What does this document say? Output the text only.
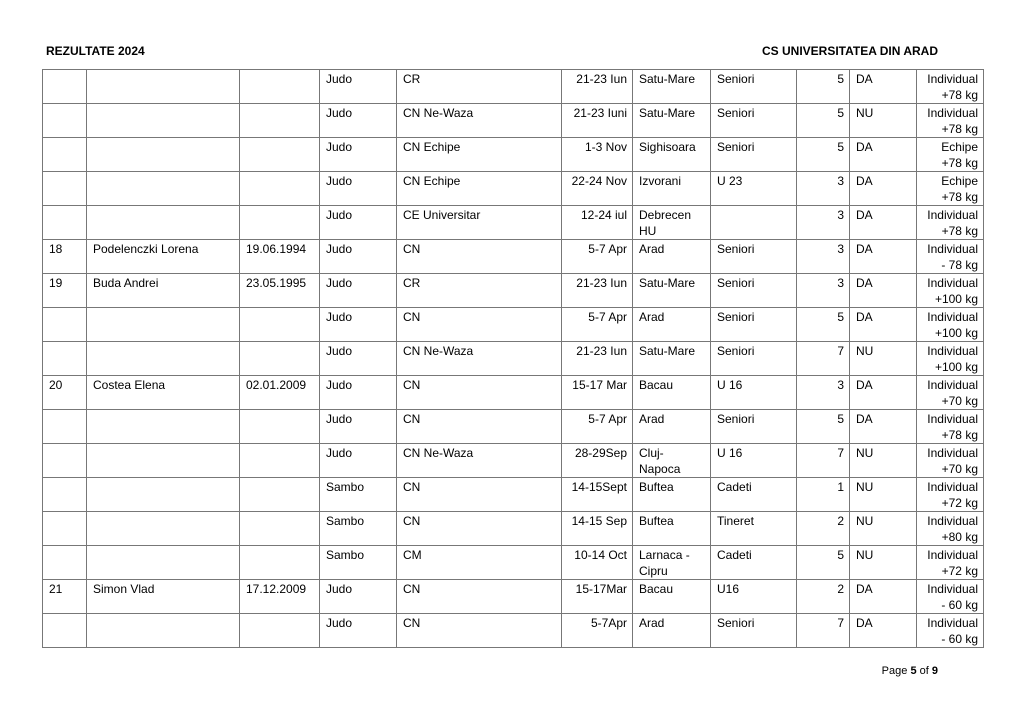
REZULTATE 2024	CS UNIVERSITATEA DIN ARAD
			Judo	CR	21-23 Iun	Satu-Mare	Seniori	5	DA	Individual +78 kg
			Judo	CN Ne-Waza	21-23 Iuni	Satu-Mare	Seniori	5	NU	Individual +78 kg
			Judo	CN Echipe	1-3 Nov	Sighisoara	Seniori	5	DA	Echipe +78 kg
			Judo	CN Echipe	22-24 Nov	Izvorani	U 23	3	DA	Echipe +78 kg
			Judo	CE Universitar	12-24 iul	Debrecen HU		3	DA	Individual +78 kg
18	Podelenczki Lorena	19.06.1994	Judo	CN	5-7 Apr	Arad	Seniori	3	DA	Individual - 78 kg
19	Buda Andrei	23.05.1995	Judo	CR	21-23 Iun	Satu-Mare	Seniori	3	DA	Individual +100 kg
			Judo	CN	5-7 Apr	Arad	Seniori	5	DA	Individual +100 kg
			Judo	CN Ne-Waza	21-23 Iun	Satu-Mare	Seniori	7	NU	Individual +100 kg
20	Costea Elena	02.01.2009	Judo	CN	15-17 Mar	Bacau	U 16	3	DA	Individual +70 kg
			Judo	CN	5-7 Apr	Arad	Seniori	5	DA	Individual +78 kg
			Judo	CN Ne-Waza	28-29Sep	Cluj-Napoca	U 16	7	NU	Individual +70 kg
			Sambo	CN	14-15Sept	Buftea	Cadeti	1	NU	Individual +72 kg
			Sambo	CN	14-15 Sep	Buftea	Tineret	2	NU	Individual +80 kg
			Sambo	CM	10-14 Oct	Larnaca - Cipru	Cadeti	5	NU	Individual +72 kg
21	Simon Vlad	17.12.2009	Judo	CN	15-17Mar	Bacau	U16	2	DA	Individual - 60 kg
			Judo	CN	5-7Apr	Arad	Seniori	7	DA	Individual - 60 kg
Page 5 of 9
